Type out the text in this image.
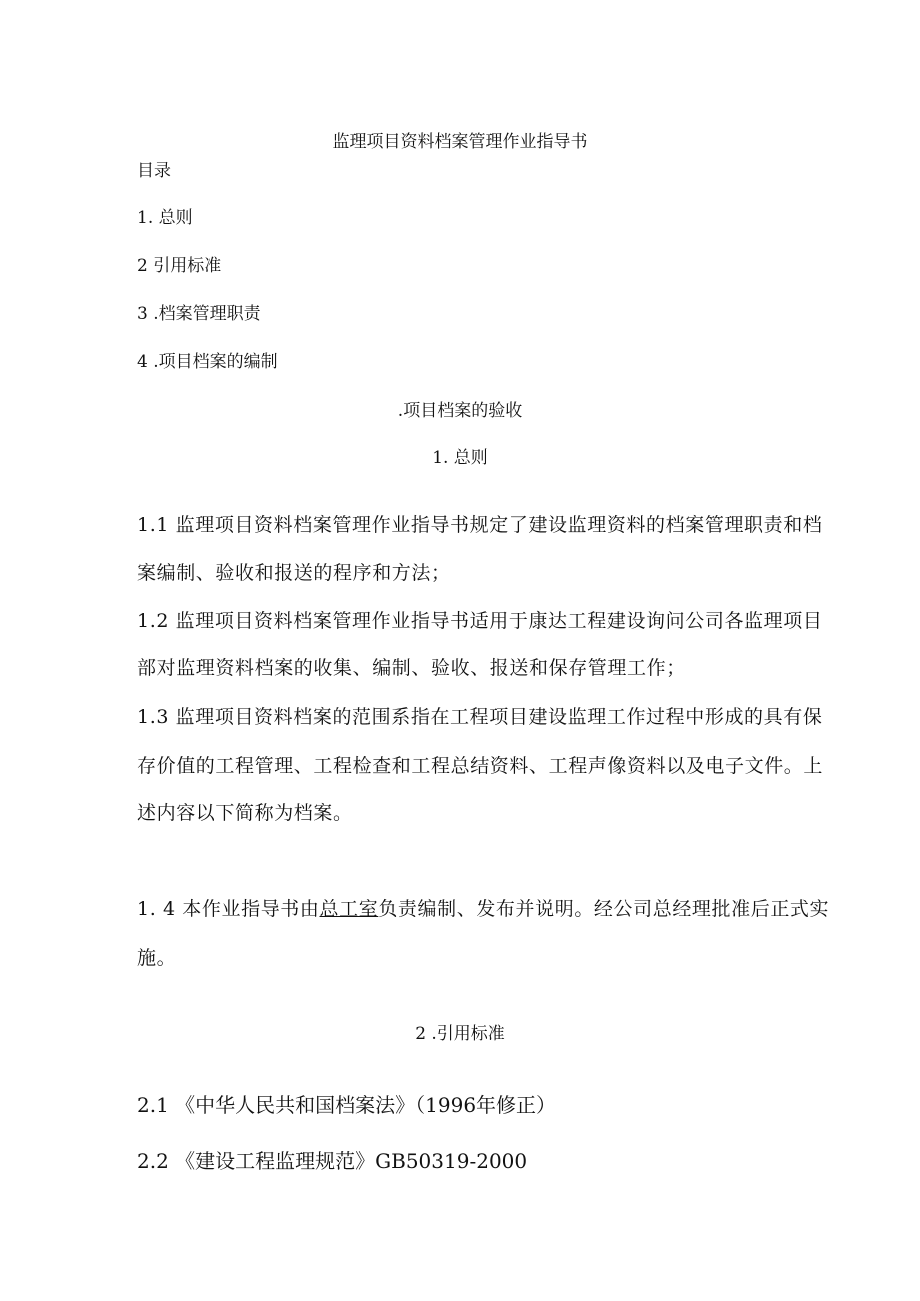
监理项目资料档案管理作业指导书
目录
1. 总则
2 引用标准
3 .档案管理职责
4 .项目档案的编制
.项目档案的验收
1. 总则
1.1 监理项目资料档案管理作业指导书规定了建设监理资料的档案管理职责和档
案编制、验收和报送的程序和方法；
1.2 监理项目资料档案管理作业指导书适用于康达工程建设询问公司各监理项目
部对监理资料档案的收集、编制、验收、报送和保存管理工作；
1.3 监理项目资料档案的范围系指在工程项目建设监理工作过程中形成的具有保
存价值的工程管理、工程检查和工程总结资料、工程声像资料以及电子文件。上
述内容以下简称为档案。
1. 4 本作业指导书由总工室负责编制、发布并说明。经公司总经理批准后正式实
施。
2 .引用标准
2.1 《中华人民共和国档案法》（1996年修正）
2.2 《建设工程监理规范》GB50319-2000
